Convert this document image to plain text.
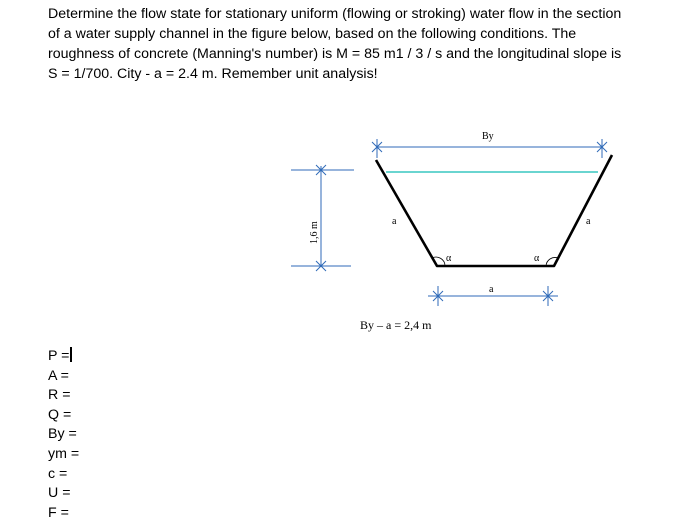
Determine the flow state for stationary uniform (flowing or stroking) water flow in the section
of a water supply channel in the figure below, based on the following conditions. The
roughness of concrete (Manning's number) is M = 85 m1 / 3 / s and the longitudinal slope is
S = 1/700. City - a = 2.4 m. Remember unit analysis!
By
α	α
a	a
1,6 m
a
By – a = 2,4 m
P =
A =
R =
Q =
By =
ym =
c =
U =
F =
